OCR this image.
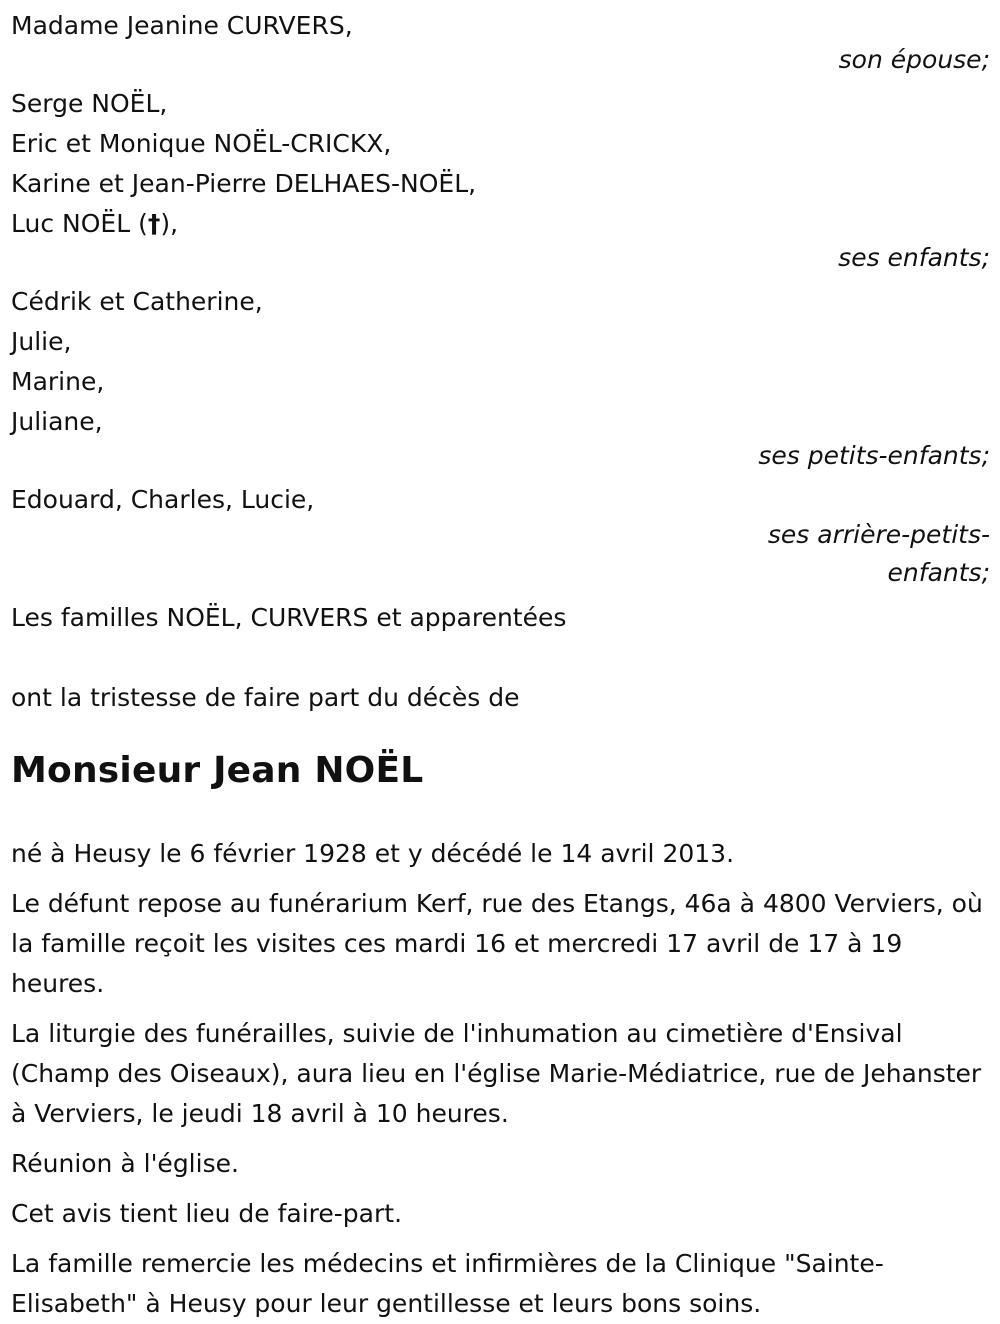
Madame Jeanine CURVERS,
son épouse;
Serge NOËL,
Eric et Monique NOËL-CRICKX,
Karine et Jean-Pierre DELHAES-NOËL,
Luc NOËL (†),
ses enfants;
Cédrik et Catherine,
Julie,
Marine,
Juliane,
ses petits-enfants;
Edouard, Charles, Lucie,
ses arrière-petits-enfants;
Les familles NOËL, CURVERS et apparentées
ont la tristesse de faire part du décès de
Monsieur Jean NOËL

né à Heusy le 6 février 1928 et y décédé le 14 avril 2013.

Le défunt repose au funérarium Kerf, rue des Etangs, 46a à 4800 Verviers, où la famille reçoit les visites ces mardi 16 et mercredi 17 avril de 17 à 19 heures.

La liturgie des funérailles, suivie de l'inhumation au cimetière d'Ensival (Champ des Oiseaux), aura lieu en l'église Marie-Médiatrice, rue de Jehanster à Verviers, le jeudi 18 avril à 10 heures.

Réunion à l'église.

Cet avis tient lieu de faire-part.

La famille remercie les médecins et infirmières de la Clinique "Sainte-Elisabeth" à Heusy pour leur gentillesse et leurs bons soins.
